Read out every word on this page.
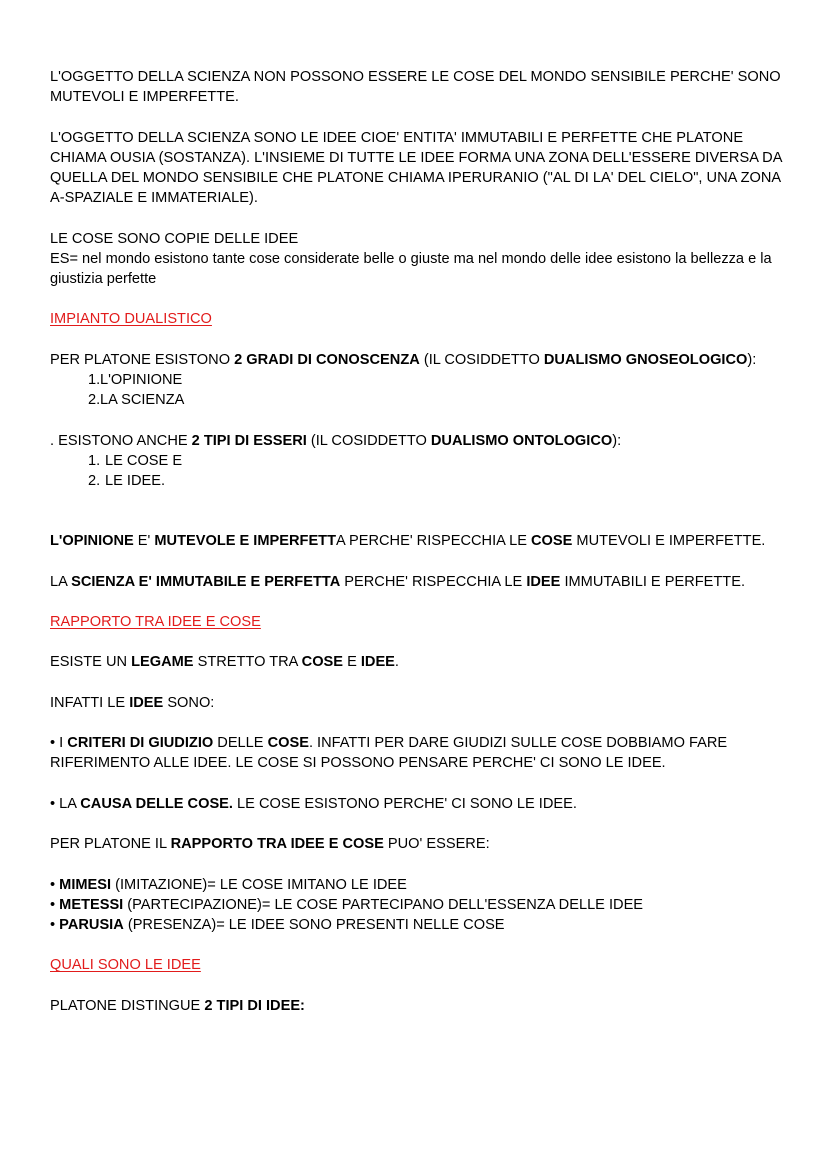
L'OGGETTO DELLA SCIENZA NON POSSONO ESSERE LE COSE DEL MONDO SENSIBILE PERCHE' SONO MUTEVOLI E IMPERFETTE.

L'OGGETTO DELLA SCIENZA SONO LE IDEE CIOE' ENTITA' IMMUTABILI E PERFETTE CHE PLATONE CHIAMA OUSIA (SOSTANZA). L'INSIEME DI TUTTE LE IDEE FORMA UNA ZONA DELL'ESSERE DIVERSA DA QUELLA DEL MONDO SENSIBILE CHE PLATONE CHIAMA IPERURANIO ("AL DI LA' DEL CIELO", UNA ZONA A-SPAZIALE E IMMATERIALE).

LE COSE SONO COPIE DELLE IDEE

ES= nel mondo esistono tante cose considerate belle o giuste ma nel mondo delle idee esistono la bellezza e la giustizia perfette

IMPIANTO DUALISTICO

PER PLATONE ESISTONO 2 GRADI DI CONOSCENZA (IL COSIDDETTO DUALISMO GNOSEOLOGICO):

1. L'OPINIONE
2. LA SCIENZA

. ESISTONO ANCHE 2 TIPI DI ESSERI (IL COSIDDETTO DUALISMO ONTOLOGICO):

1. LE COSE E
2. LE IDEE.

L'OPINIONE E' MUTEVOLE E IMPERFETTA PERCHE' RISPECCHIA LE COSE MUTEVOLI E IMPERFETTE.

LA SCIENZA E' IMMUTABILE E PERFETTA PERCHE' RISPECCHIA LE IDEE IMMUTABILI E PERFETTE.

RAPPORTO TRA IDEE E COSE

ESISTE UN LEGAME STRETTO TRA COSE E IDEE.

INFATTI LE IDEE SONO:

• I CRITERI DI GIUDIZIO DELLE COSE. INFATTI PER DARE GIUDIZI SULLE COSE DOBBIAMO FARE RIFERIMENTO ALLE IDEE. LE COSE SI POSSONO PENSARE PERCHE' CI SONO LE IDEE.

• LA CAUSA DELLE COSE. LE COSE ESISTONO PERCHE' CI SONO LE IDEE.

PER PLATONE IL RAPPORTO TRA IDEE E COSE PUO' ESSERE:

• MIMESI (IMITAZIONE)= LE COSE IMITANO LE IDEE

• METESSI (PARTECIPAZIONE)= LE COSE PARTECIPANO DELL'ESSENZA DELLE IDEE

• PARUSIA (PRESENZA)= LE IDEE SONO PRESENTI NELLE COSE

QUALI SONO LE IDEE

PLATONE DISTINGUE 2 TIPI DI IDEE:
